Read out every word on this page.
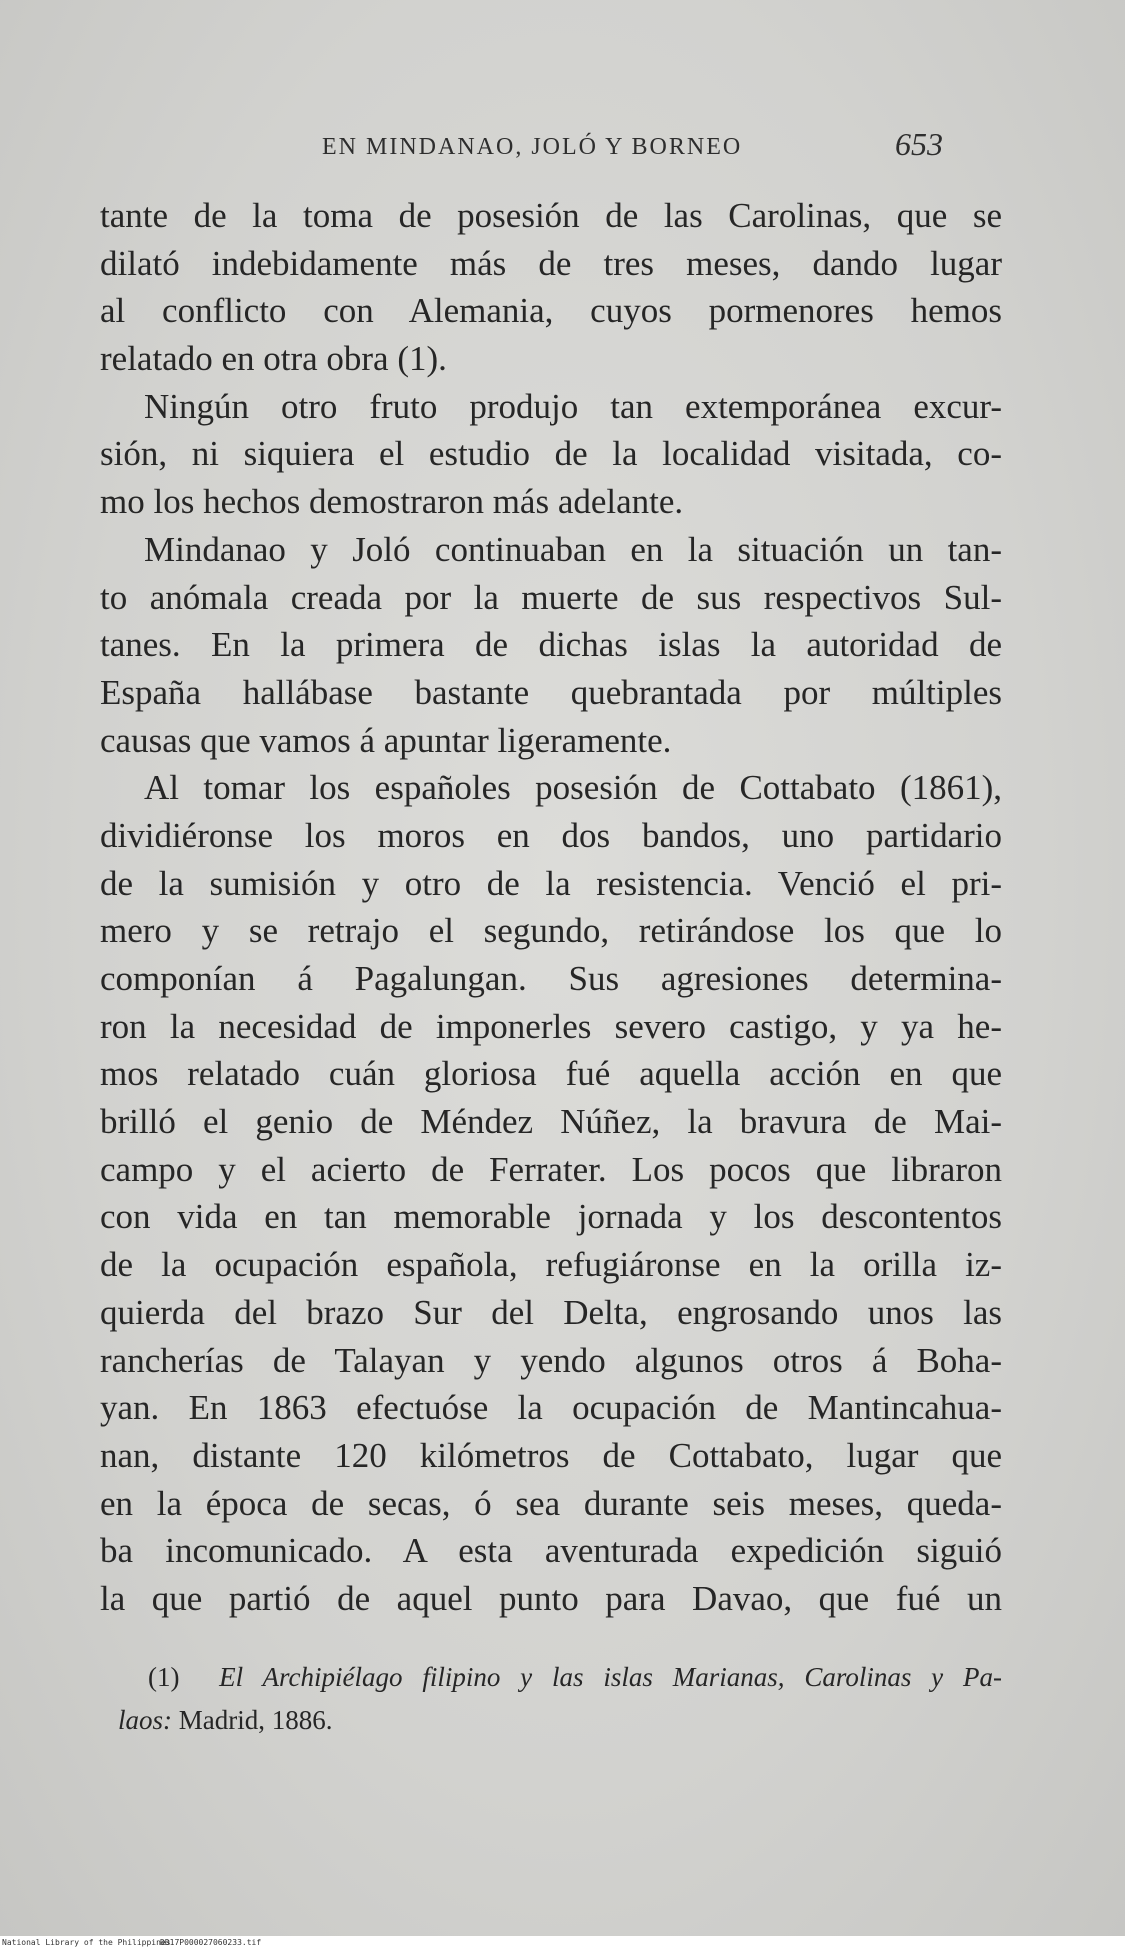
EN MINDANAO, JOLÓ Y BORNEO	653
tante de la toma de posesión de las Carolinas, que se
dilató indebidamente más de tres meses, dando lugar
al conflicto con Alemania, cuyos pormenores hemos
relatado en otra obra (1).
Ningún otro fruto produjo tan extemporánea excur-
sión, ni siquiera el estudio de la localidad visitada, co-
mo los hechos demostraron más adelante.
Mindanao y Joló continuaban en la situación un tan-
to anómala creada por la muerte de sus respectivos Sul-
tanes. En la primera de dichas islas la autoridad de
España hallábase bastante quebrantada por múltiples
causas que vamos á apuntar ligeramente.
Al tomar los españoles posesión de Cottabato (1861),
dividiéronse los moros en dos bandos, uno partidario
de la sumisión y otro de la resistencia. Venció el pri-
mero y se retrajo el segundo, retirándose los que lo
componían á Pagalungan. Sus agresiones determina-
ron la necesidad de imponerles severo castigo, y ya he-
mos relatado cuán gloriosa fué aquella acción en que
brilló el genio de Méndez Núñez, la bravura de Mai-
campo y el acierto de Ferrater. Los pocos que libraron
con vida en tan memorable jornada y los descontentos
de la ocupación española, refugiáronse en la orilla iz-
quierda del brazo Sur del Delta, engrosando unos las
rancherías de Talayan y yendo algunos otros á Boha-
yan. En 1863 efectuóse la ocupación de Mantincahua-
nan, distante 120 kilómetros de Cottabato, lugar que
en la época de secas, ó sea durante seis meses, queda-
ba incomunicado. A esta aventurada expedición siguió
la que partió de aquel punto para Davao, que fué un
(1) El Archipiélago filipino y las islas Marianas, Carolinas y Pa-
laos: Madrid, 1886.
National Library of the Philippines
DD17P000027060233.tif
